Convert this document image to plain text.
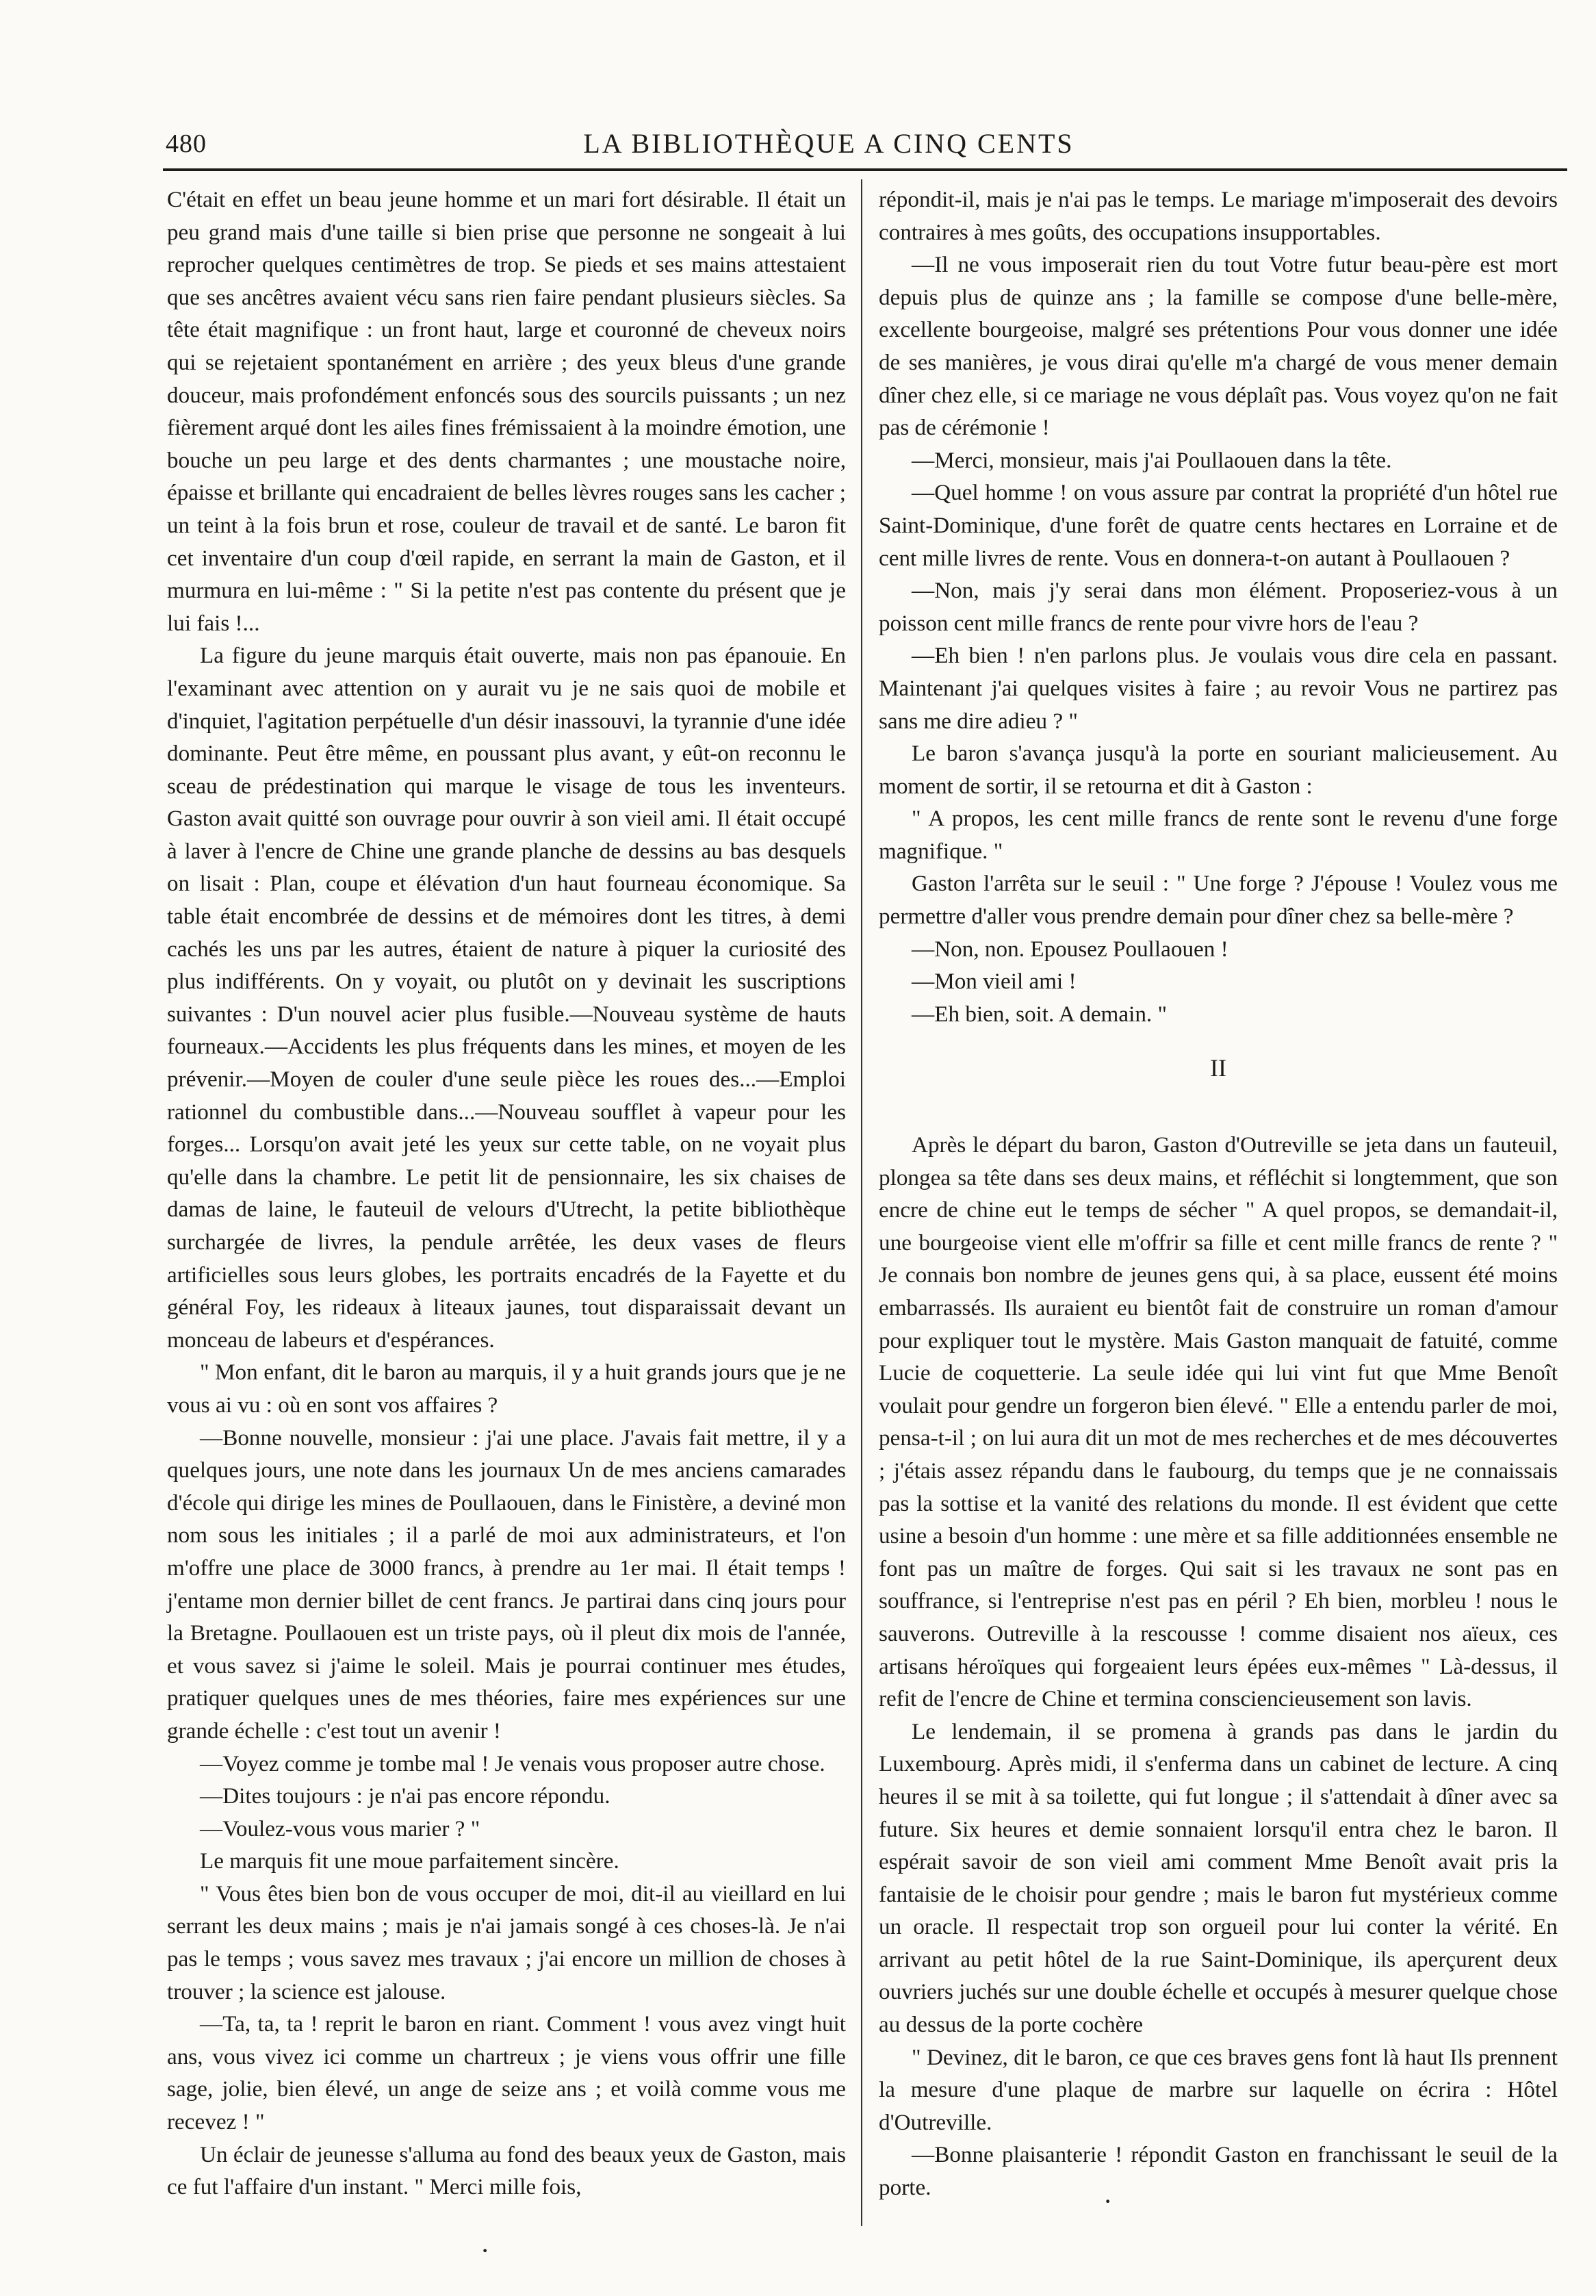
480	LA BIBLIOTHÈQUE A CINQ CENTS

C'était en effet un beau jeune homme et un mari fort désirable. Il était un peu grand mais d'une taille si bien prise que personne ne songeait à lui reprocher quelques centimètres de trop. Se pieds et ses mains attestaient que ses ancêtres avaient vécu sans rien faire pendant plusieurs siècles. Sa tête était magnifique : un front haut, large et couronné de cheveux noirs qui se rejetaient spontanément en arrière ; des yeux bleus d'une grande douceur, mais profondément enfoncés sous des sourcils puissants ; un nez fièrement arqué dont les ailes fines frémissaient à la moindre émotion, une bouche un peu large et des dents charmantes ; une moustache noire, épaisse et brillante qui encadraient de belles lèvres rouges sans les cacher ; un teint à la fois brun et rose, couleur de travail et de santé. Le baron fit cet inventaire d'un coup d'œil rapide, en serrant la main de Gaston, et il murmura en lui-même : " Si la petite n'est pas contente du présent que je lui fais !...

La figure du jeune marquis était ouverte, mais non pas épanouie. En l'examinant avec attention on y aurait vu je ne sais quoi de mobile et d'inquiet, l'agitation perpétuelle d'un désir inassouvi, la tyrannie d'une idée dominante. Peut être même, en poussant plus avant, y eût-on reconnu le sceau de prédestination qui marque le visage de tous les inventeurs. Gaston avait quitté son ouvrage pour ouvrir à son vieil ami. Il était occupé à laver à l'encre de Chine une grande planche de dessins au bas desquels on lisait : Plan, coupe et élévation d'un haut fourneau économique. Sa table était encombrée de dessins et de mémoires dont les titres, à demi cachés les uns par les autres, étaient de nature à piquer la curiosité des plus indifférents. On y voyait, ou plutôt on y devinait les suscriptions suivantes : D'un nouvel acier plus fusible.—Nouveau système de hauts fourneaux.—Accidents les plus fréquents dans les mines, et moyen de les prévenir.—Moyen de couler d'une seule pièce les roues des...—Emploi rationnel du combustible dans...—Nouveau soufflet à vapeur pour les forges... Lorsqu'on avait jeté les yeux sur cette table, on ne voyait plus qu'elle dans la chambre. Le petit lit de pensionnaire, les six chaises de damas de laine, le fauteuil de velours d'Utrecht, la petite bibliothèque surchargée de livres, la pendule arrêtée, les deux vases de fleurs artificielles sous leurs globes, les portraits encadrés de la Fayette et du général Foy, les rideaux à liteaux jaunes, tout disparaissait devant un monceau de labeurs et d'espérances.

" Mon enfant, dit le baron au marquis, il y a huit grands jours que je ne vous ai vu : où en sont vos affaires ?

—Bonne nouvelle, monsieur : j'ai une place. J'avais fait mettre, il y a quelques jours, une note dans les journaux Un de mes anciens camarades d'école qui dirige les mines de Poullaouen, dans le Finistère, a deviné mon nom sous les initiales ; il a parlé de moi aux administrateurs, et l'on m'offre une place de 3000 francs, à prendre au 1er mai. Il était temps ! j'entame mon dernier billet de cent francs. Je partirai dans cinq jours pour la Bretagne. Poullaouen est un triste pays, où il pleut dix mois de l'année, et vous savez si j'aime le soleil. Mais je pourrai continuer mes études, pratiquer quelques unes de mes théories, faire mes expériences sur une grande échelle : c'est tout un avenir !

—Voyez comme je tombe mal ! Je venais vous proposer autre chose.

—Dites toujours : je n'ai pas encore répondu.

—Voulez-vous vous marier ? "

Le marquis fit une moue parfaitement sincère.

" Vous êtes bien bon de vous occuper de moi, dit-il au vieillard en lui serrant les deux mains ; mais je n'ai jamais songé à ces choses-là. Je n'ai pas le temps ; vous savez mes travaux ; j'ai encore un million de choses à trouver ; la science est jalouse.

—Ta, ta, ta ! reprit le baron en riant. Comment ! vous avez vingt huit ans, vous vivez ici comme un chartreux ; je viens vous offrir une fille sage, jolie, bien élevé, un ange de seize ans ; et voilà comme vous me recevez ! "

Un éclair de jeunesse s'alluma au fond des beaux yeux de Gaston, mais ce fut l'affaire d'un instant. " Merci mille fois,

répondit-il, mais je n'ai pas le temps. Le mariage m'imposerait des devoirs contraires à mes goûts, des occupations insupportables.

—Il ne vous imposerait rien du tout Votre futur beau-père est mort depuis plus de quinze ans ; la famille se compose d'une belle-mère, excellente bourgeoise, malgré ses prétentions Pour vous donner une idée de ses manières, je vous dirai qu'elle m'a chargé de vous mener demain dîner chez elle, si ce mariage ne vous déplaît pas. Vous voyez qu'on ne fait pas de cérémonie !

—Merci, monsieur, mais j'ai Poullaouen dans la tête.

—Quel homme ! on vous assure par contrat la propriété d'un hôtel rue Saint-Dominique, d'une forêt de quatre cents hectares en Lorraine et de cent mille livres de rente. Vous en donnera-t-on autant à Poullaouen ?

—Non, mais j'y serai dans mon élément. Proposeriez-vous à un poisson cent mille francs de rente pour vivre hors de l'eau ?

—Eh bien ! n'en parlons plus. Je voulais vous dire cela en passant. Maintenant j'ai quelques visites à faire ; au revoir Vous ne partirez pas sans me dire adieu ? "

Le baron s'avança jusqu'à la porte en souriant malicieusement. Au moment de sortir, il se retourna et dit à Gaston :

" A propos, les cent mille francs de rente sont le revenu d'une forge magnifique. "

Gaston l'arrêta sur le seuil : " Une forge ? J'épouse ! Voulez vous me permettre d'aller vous prendre demain pour dîner chez sa belle-mère ?

—Non, non. Epousez Poullaouen !

—Mon vieil ami !

—Eh bien, soit. A demain. "

II

Après le départ du baron, Gaston d'Outreville se jeta dans un fauteuil, plongea sa tête dans ses deux mains, et réfléchit si longtemment, que son encre de chine eut le temps de sécher " A quel propos, se demandait-il, une bourgeoise vient elle m'offrir sa fille et cent mille francs de rente ? " Je connais bon nombre de jeunes gens qui, à sa place, eussent été moins embarrassés. Ils auraient eu bientôt fait de construire un roman d'amour pour expliquer tout le mystère. Mais Gaston manquait de fatuité, comme Lucie de coquetterie. La seule idée qui lui vint fut que Mme Benoît voulait pour gendre un forgeron bien élevé. " Elle a entendu parler de moi, pensa-t-il ; on lui aura dit un mot de mes recherches et de mes découvertes ; j'étais assez répandu dans le faubourg, du temps que je ne connaissais pas la sottise et la vanité des relations du monde. Il est évident que cette usine a besoin d'un homme : une mère et sa fille additionnées ensemble ne font pas un maître de forges. Qui sait si les travaux ne sont pas en souffrance, si l'entreprise n'est pas en péril ? Eh bien, morbleu ! nous le sauverons. Outreville à la rescousse ! comme disaient nos aïeux, ces artisans héroïques qui forgeaient leurs épées eux-mêmes " Là-dessus, il refit de l'encre de Chine et termina consciencieusement son lavis.

Le lendemain, il se promena à grands pas dans le jardin du Luxembourg. Après midi, il s'enferma dans un cabinet de lecture. A cinq heures il se mit à sa toilette, qui fut longue ; il s'attendait à dîner avec sa future. Six heures et demie sonnaient lorsqu'il entra chez le baron. Il espérait savoir de son vieil ami comment Mme Benoît avait pris la fantaisie de le choisir pour gendre ; mais le baron fut mystérieux comme un oracle. Il respectait trop son orgueil pour lui conter la vérité. En arrivant au petit hôtel de la rue Saint-Dominique, ils aperçurent deux ouvriers juchés sur une double échelle et occupés à mesurer quelque chose au dessus de la porte cochère

" Devinez, dit le baron, ce que ces braves gens font là haut Ils prennent la mesure d'une plaque de marbre sur laquelle on écrira : Hôtel d'Outreville.

—Bonne plaisanterie ! répondit Gaston en franchissant le seuil de la porte.

·
·
